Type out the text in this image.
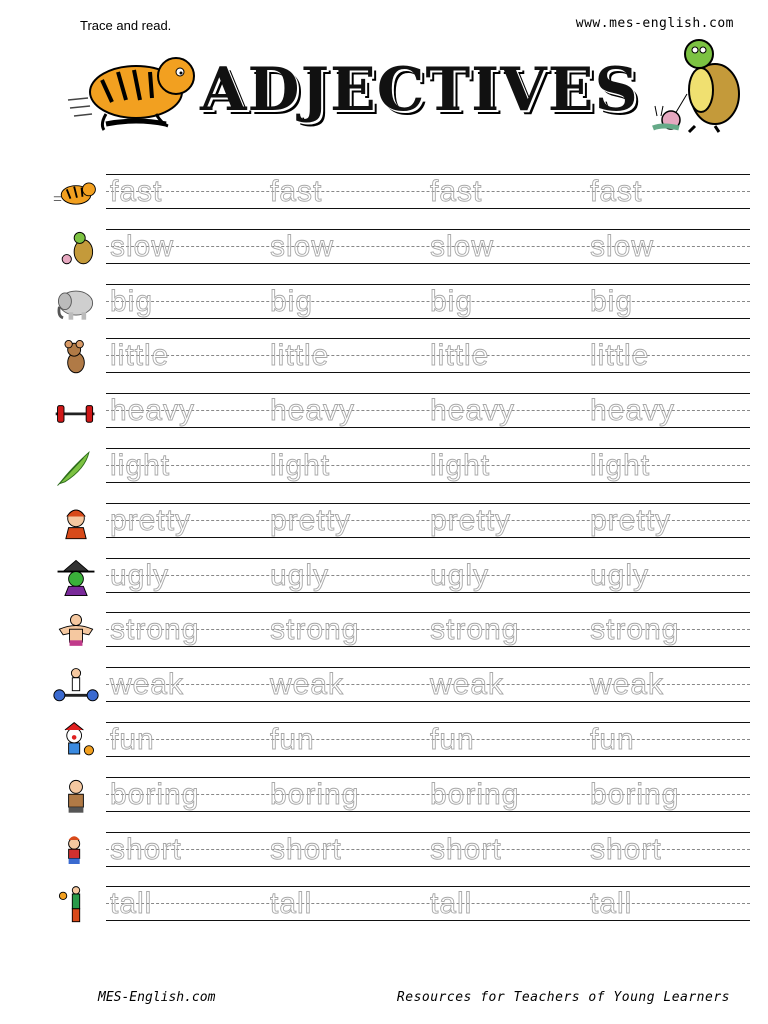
Trace and read.	www.mes-english.com
ADJECTIVES
fast	fast	fast	fast
slow	slow	slow	slow
big	big	big	big
little	little	little	little
heavy	heavy	heavy	heavy
light	light	light	light
pretty	pretty	pretty	pretty
ugly	ugly	ugly	ugly
strong	strong	strong	strong
weak	weak	weak	weak
fun	fun	fun	fun
boring	boring	boring	boring
short	short	short	short
tall	tall	tall	tall
MES-English.com	Resources for Teachers of Young Learners
